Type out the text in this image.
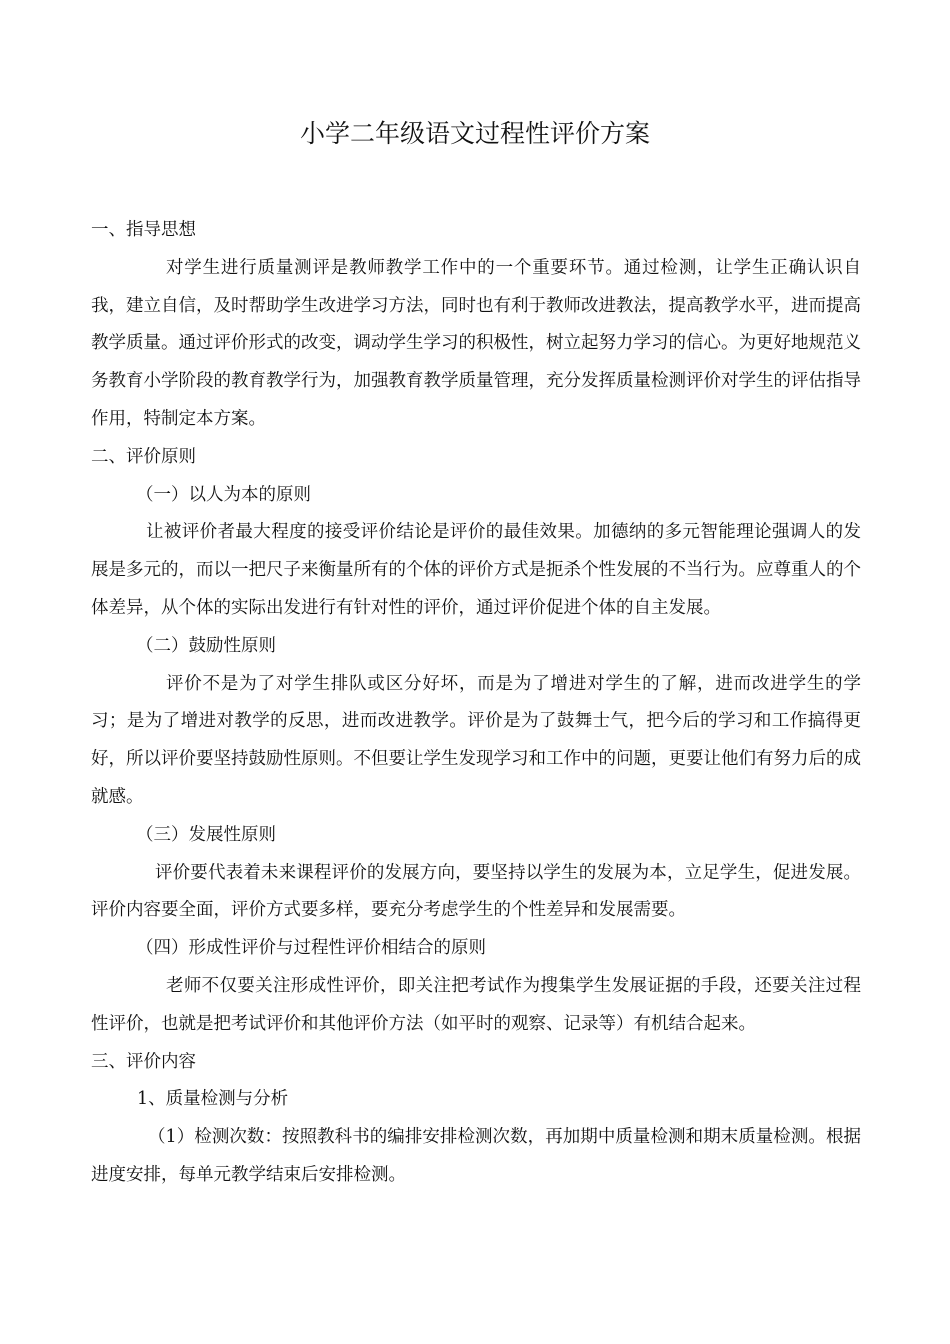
小学二年级语文过程性评价方案

一、指导思想

对学生进行质量测评是教师教学工作中的一个重要环节。通过检测，让学生正确认识自我，建立自信，及时帮助学生改进学习方法，同时也有利于教师改进教法，提高教学水平，进而提高教学质量。通过评价形式的改变，调动学生学习的积极性，树立起努力学习的信心。为更好地规范义务教育小学阶段的教育教学行为，加强教育教学质量管理，充分发挥质量检测评价对学生的评估指导作用，特制定本方案。

二、评价原则

（一）以人为本的原则

让被评价者最大程度的接受评价结论是评价的最佳效果。加德纳的多元智能理论强调人的发展是多元的，而以一把尺子来衡量所有的个体的评价方式是扼杀个性发展的不当行为。应尊重人的个体差异，从个体的实际出发进行有针对性的评价，通过评价促进个体的自主发展。

（二）鼓励性原则

评价不是为了对学生排队或区分好坏，而是为了增进对学生的了解，进而改进学生的学习；是为了增进对教学的反思，进而改进教学。评价是为了鼓舞士气，把今后的学习和工作搞得更好，所以评价要坚持鼓励性原则。不但要让学生发现学习和工作中的问题，更要让他们有努力后的成就感。

（三）发展性原则

评价要代表着未来课程评价的发展方向，要坚持以学生的发展为本，立足学生，促进发展。评价内容要全面，评价方式要多样，要充分考虑学生的个性差异和发展需要。

（四）形成性评价与过程性评价相结合的原则

老师不仅要关注形成性评价，即关注把考试作为搜集学生发展证据的手段，还要关注过程性评价，也就是把考试评价和其他评价方法（如平时的观察、记录等）有机结合起来。

三、评价内容

1、质量检测与分析

（1）检测次数：按照教科书的编排安排检测次数，再加期中质量检测和期末质量检测。根据进度安排，每单元教学结束后安排检测。
